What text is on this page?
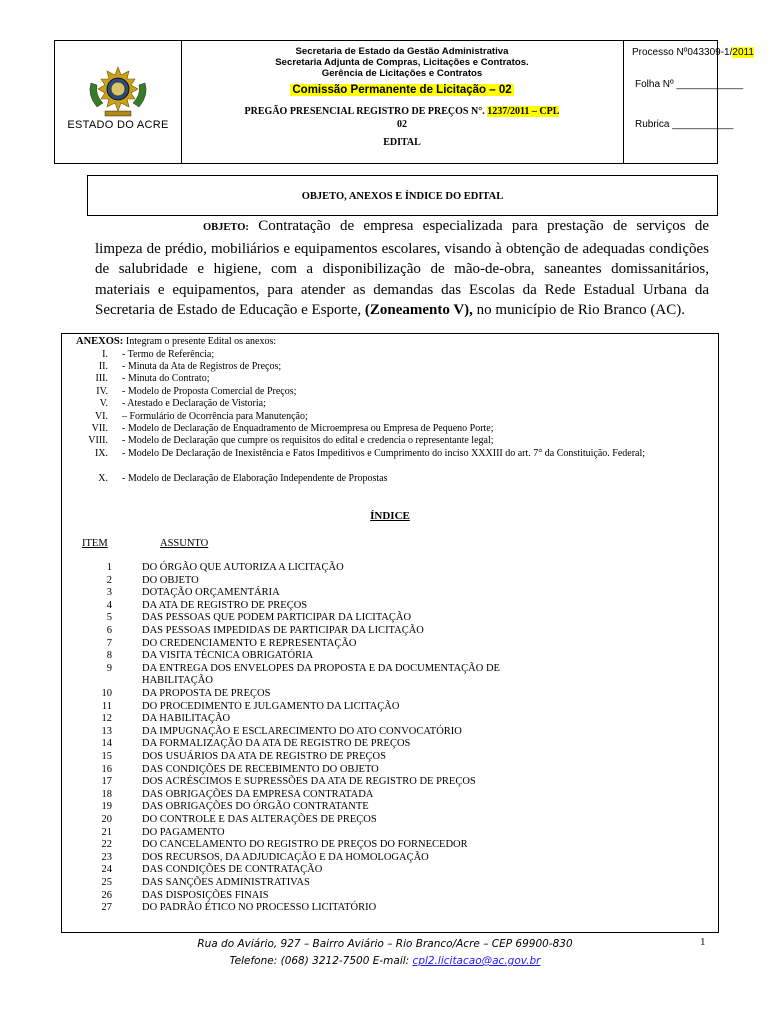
ESTADO DO ACRE
Secretaria de Estado da Gestão Administrativa
Secretaria Adjunta de Compras, Licitações e Contratos.
Gerência de Licitações e Contratos
Comissão Permanente de Licitação – 02
PREGÃO PRESENCIAL REGISTRO DE PREÇOS N°. 1237/2011 – CPL
02
EDITAL
Processo Nº043309-1/2011
Folha Nº ____________
Rubrica ___________
OBJETO, ANEXOS E ÍNDICE DO EDITAL
OBJETO: Contratação de empresa especializada para prestação de serviços de limpeza de prédio, mobiliários e equipamentos escolares, visando à obtenção de adequadas condições de salubridade e higiene, com a disponibilização de mão-de-obra, saneantes domissanitários, materiais e equipamentos, para atender as demandas das Escolas da Rede Estadual Urbana da Secretaria de Estado de Educação e Esporte, (Zoneamento V), no município de Rio Branco (AC).
ANEXOS: Integram o presente Edital os anexos:
I. - Termo de Referência;
II. - Minuta da Ata de Registros de Preços;
III. - Minuta do Contrato;
IV. - Modelo de Proposta Comercial de Preços;
V. - Atestado e Declaração de Vistoria;
VI. – Formulário de Ocorrência para Manutenção;
VII. - Modelo de Declaração de Enquadramento de Microempresa ou Empresa de Pequeno Porte;
VIII. - Modelo de Declaração que cumpre os requisitos do edital e credencia o representante legal;
IX. - Modelo De Declaração de Inexistência e Fatos Impeditivos e Cumprimento do inciso XXXIII do art. 7° da Constituição. Federal;
X. - Modelo de Declaração de Elaboração Independente de Propostas
ÍNDICE
ITEM	ASSUNTO
1	DO ÓRGÃO QUE AUTORIZA A LICITAÇÃO
2	DO OBJETO
3	DOTAÇÃO ORÇAMENTÁRIA
4	DA ATA DE REGISTRO DE PREÇOS
5	DAS PESSOAS QUE PODEM PARTICIPAR DA LICITAÇÃO
6	DAS PESSOAS IMPEDIDAS DE PARTICIPAR DA LICITAÇÃO
7	DO CREDENCIAMENTO E REPRESENTAÇÃO
8	DA VISITA TÉCNICA OBRIGATÓRIA
9	DA ENTREGA DOS ENVELOPES DA PROPOSTA E DA DOCUMENTAÇÃO DE HABILITAÇÃO
10	DA PROPOSTA DE PREÇOS
11	DO PROCEDIMENTO E JULGAMENTO DA LICITAÇÃO
12	DA HABILITAÇÃO
13	DA IMPUGNAÇÃO E ESCLARECIMENTO DO ATO CONVOCATÓRIO
14	DA FORMALIZAÇÃO DA ATA DE REGISTRO DE PREÇOS
15	DOS USUÁRIOS DA ATA DE REGISTRO DE PREÇOS
16	DAS CONDIÇÕES DE RECEBIMENTO DO OBJETO
17	DOS ACRÉSCIMOS E SUPRESSÕES DA ATA DE REGISTRO DE PREÇOS
18	DAS OBRIGAÇÕES DA EMPRESA CONTRATADA
19	DAS OBRIGAÇÕES DO ÓRGÃO CONTRATANTE
20	DO CONTROLE E DAS ALTERAÇÕES DE PREÇOS
21	DO PAGAMENTO
22	DO CANCELAMENTO DO REGISTRO DE PREÇOS DO FORNECEDOR
23	DOS RECURSOS, DA ADJUDICAÇÃO E DA HOMOLOGAÇÃO
24	DAS CONDIÇÕES DE CONTRATAÇÃO
25	DAS SANÇÕES ADMINISTRATIVAS
26	DAS DISPOSIÇÕES FINAIS
27	DO PADRÃO ÉTICO NO PROCESSO LICITATÓRIO
Rua do Aviário, 927 – Bairro Aviário – Rio Branco/Acre – CEP 69900-830
Telefone: (068) 3212-7500 E-mail: cpl2.licitacao@ac.gov.br
1
